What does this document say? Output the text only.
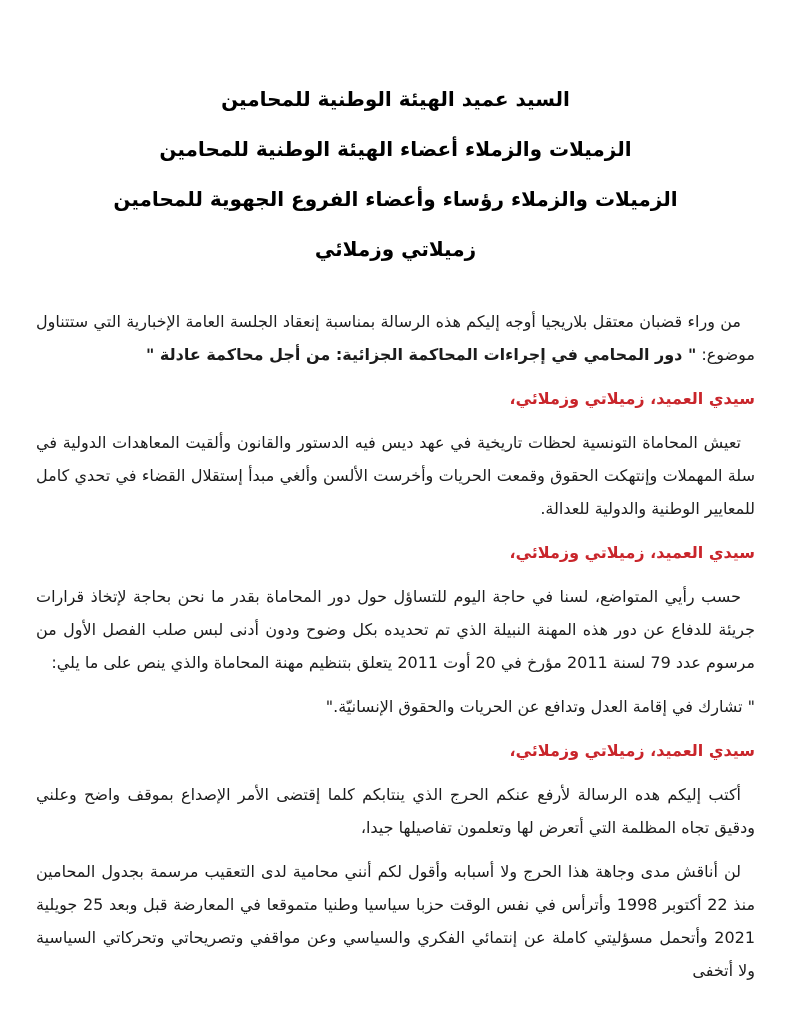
السيد عميد الهيئة الوطنية للمحامين
الزميلات والزملاء أعضاء الهيئة الوطنية للمحامين
الزميلات والزملاء رؤساء وأعضاء الفروع الجهوية للمحامين
زميلاتي وزملائي

من وراء قضبان معتقل بلاريجيا أوجه إليكم هذه الرسالة بمناسبة إنعقاد الجلسة العامة الإخبارية التي ستتناول موضوع: " دور المحامي في إجراءات المحاكمة الجزائية: من أجل محاكمة عادلة "

سيدي العميد، زميلاتي وزملائي،

تعيش المحاماة التونسية لحظات تاريخية في عهد ديس فيه الدستور والقانون وألقيت المعاهدات الدولية في سلة المهملات وإنتهكت الحقوق وقمعت الحريات وأخرست الألسن وألغي مبدأ إستقلال القضاء في تحدي كامل للمعايير الوطنية والدولية للعدالة.

سيدي العميد، زميلاتي وزملائي،

حسب رأيي المتواضع، لسنا في حاجة اليوم للتساؤل حول دور المحاماة بقدر ما نحن بحاجة لإتخاذ قرارات جريئة للدفاع عن دور هذه المهنة النبيلة الذي تم تحديده بكل وضوح ودون أدنى لبس صلب الفصل الأول من مرسوم عدد 79 لسنة 2011 مؤرخ في 20 أوت 2011 يتعلق بتنظيم مهنة المحاماة والذي ينص على ما يلي:

" تشارك في إقامة العدل وتدافع عن الحريات والحقوق الإنسانيّة."

سيدي العميد، زميلاتي وزملائي،

أكتب إليكم هده الرسالة لأرفع عنكم الحرج الذي ينتابكم كلما إقتضى الأمر الإصداع بموقف واضح وعلني ودقيق تجاه المظلمة التي أتعرض لها وتعلمون تفاصيلها جيدا،

لن أناقش مدى وجاهة هذا الحرج ولا أسبابه وأقول لكم أنني محامية لدى التعقيب مرسمة بجدول المحامين منذ 22 أكتوبر 1998 وأترأس في نفس الوقت حزبا سياسيا وطنيا متموقعا في المعارضة قبل وبعد 25 جويلية 2021 وأتحمل مسؤليتي كاملة عن إنتمائي الفكري والسياسي وعن مواقفي وتصريحاتي وتحركاتي السياسية ولا أتخفى
